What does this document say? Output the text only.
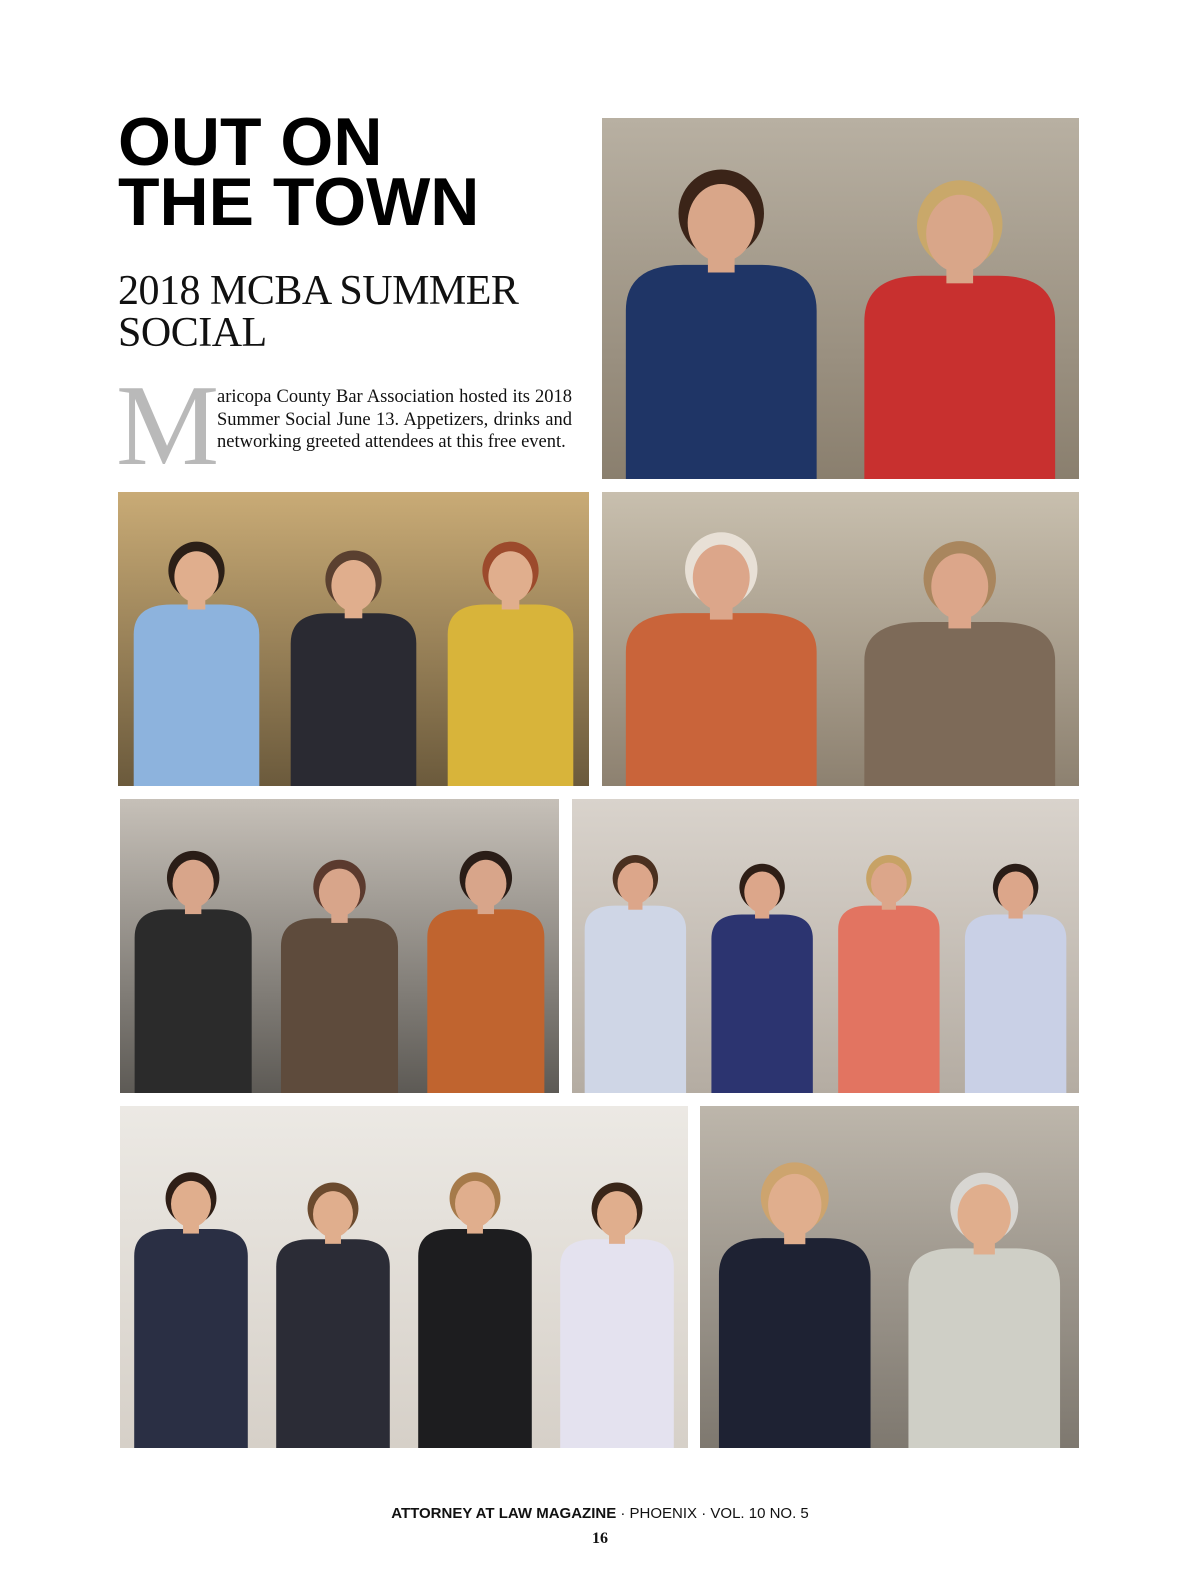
OUT ON
THE TOWN
2018 MCBA SUMMER
SOCIAL
M
aricopa County Bar Association hosted its 2018 Summer Social June 13. Appetizers, drinks and networking greeted attendees at this free event.
ATTORNEY AT LAW MAGAZINE · PHOENIX · VOL. 10 NO. 5
16
